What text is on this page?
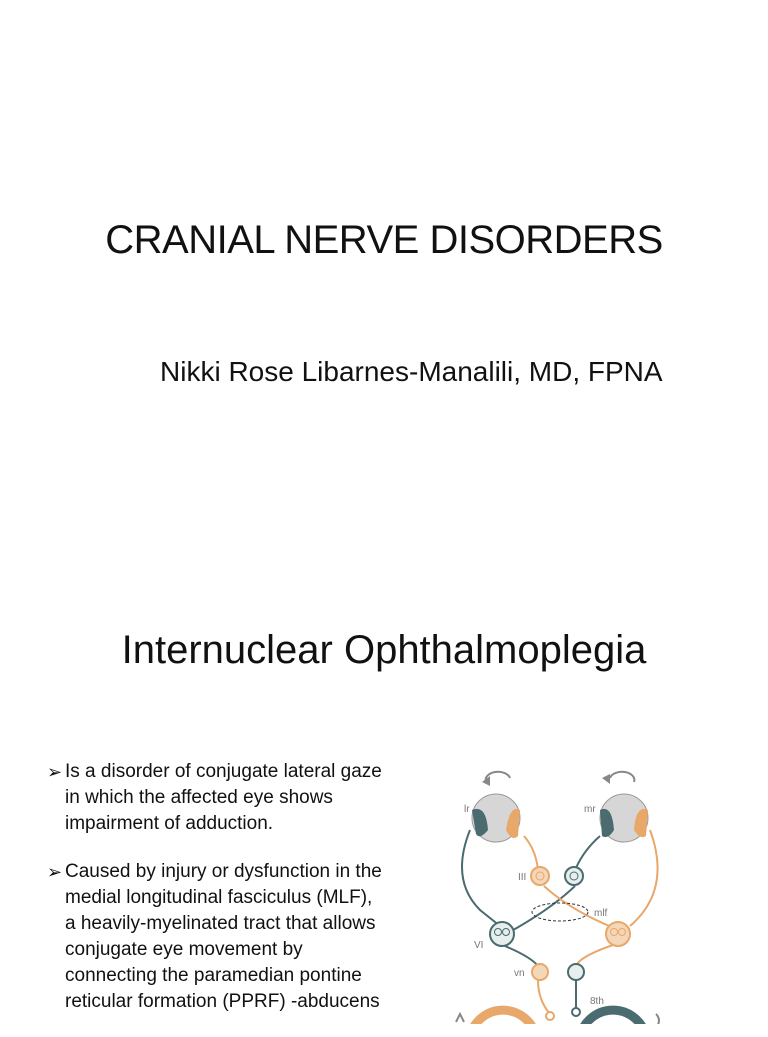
CRANIAL NERVE DISORDERS
Nikki Rose Libarnes-Manalili, MD, FPNA
Internuclear Ophthalmoplegia
➢ Is a disorder of conjugate lateral gaze in which the affected eye shows impairment of adduction.
➢ Caused by injury or dysfunction in the medial longitudinal fasciculus (MLF), a heavily-myelinated tract that allows conjugate eye movement by connecting the paramedian pontine reticular formation (PPRF) -abducens
lr	mr
III
mlf
VI
vn
8th
